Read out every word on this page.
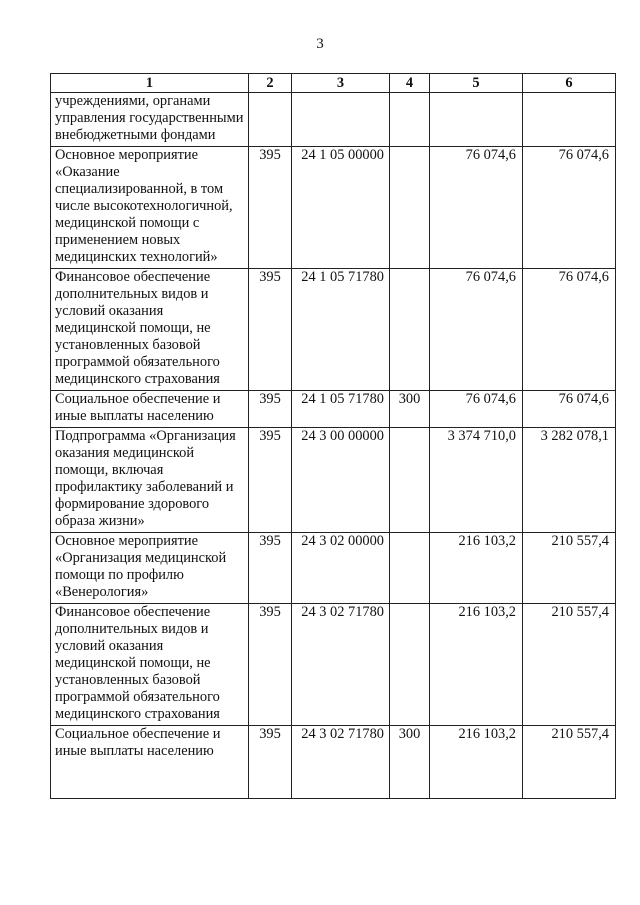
3
1	2	3	4	5	6
учреждениями, органами управления государственными внебюджетными фондами					
Основное мероприятие «Оказание специализированной, в том числе высокотехнологичной, медицинской помощи с применением новых медицинских технологий»	395	24 1 05 00000		76 074,6	76 074,6
Финансовое обеспечение дополнительных видов и условий оказания медицинской помощи, не установленных базовой программой обязательного медицинского страхования	395	24 1 05 71780		76 074,6	76 074,6
Социальное обеспечение и иные выплаты населению	395	24 1 05 71780	300	76 074,6	76 074,6
Подпрограмма «Организация оказания медицинской помощи, включая профилактику заболеваний и формирование здорового образа жизни»	395	24 3 00 00000		3 374 710,0	3 282 078,1
Основное мероприятие «Организация медицинской помощи по профилю «Венерология»	395	24 3 02 00000		216 103,2	210 557,4
Финансовое обеспечение дополнительных видов и условий оказания медицинской помощи, не установленных базовой программой обязательного медицинского страхования	395	24 3 02 71780		216 103,2	210 557,4
Социальное обеспечение и иные выплаты населению	395	24 3 02 71780	300	216 103,2	210 557,4
